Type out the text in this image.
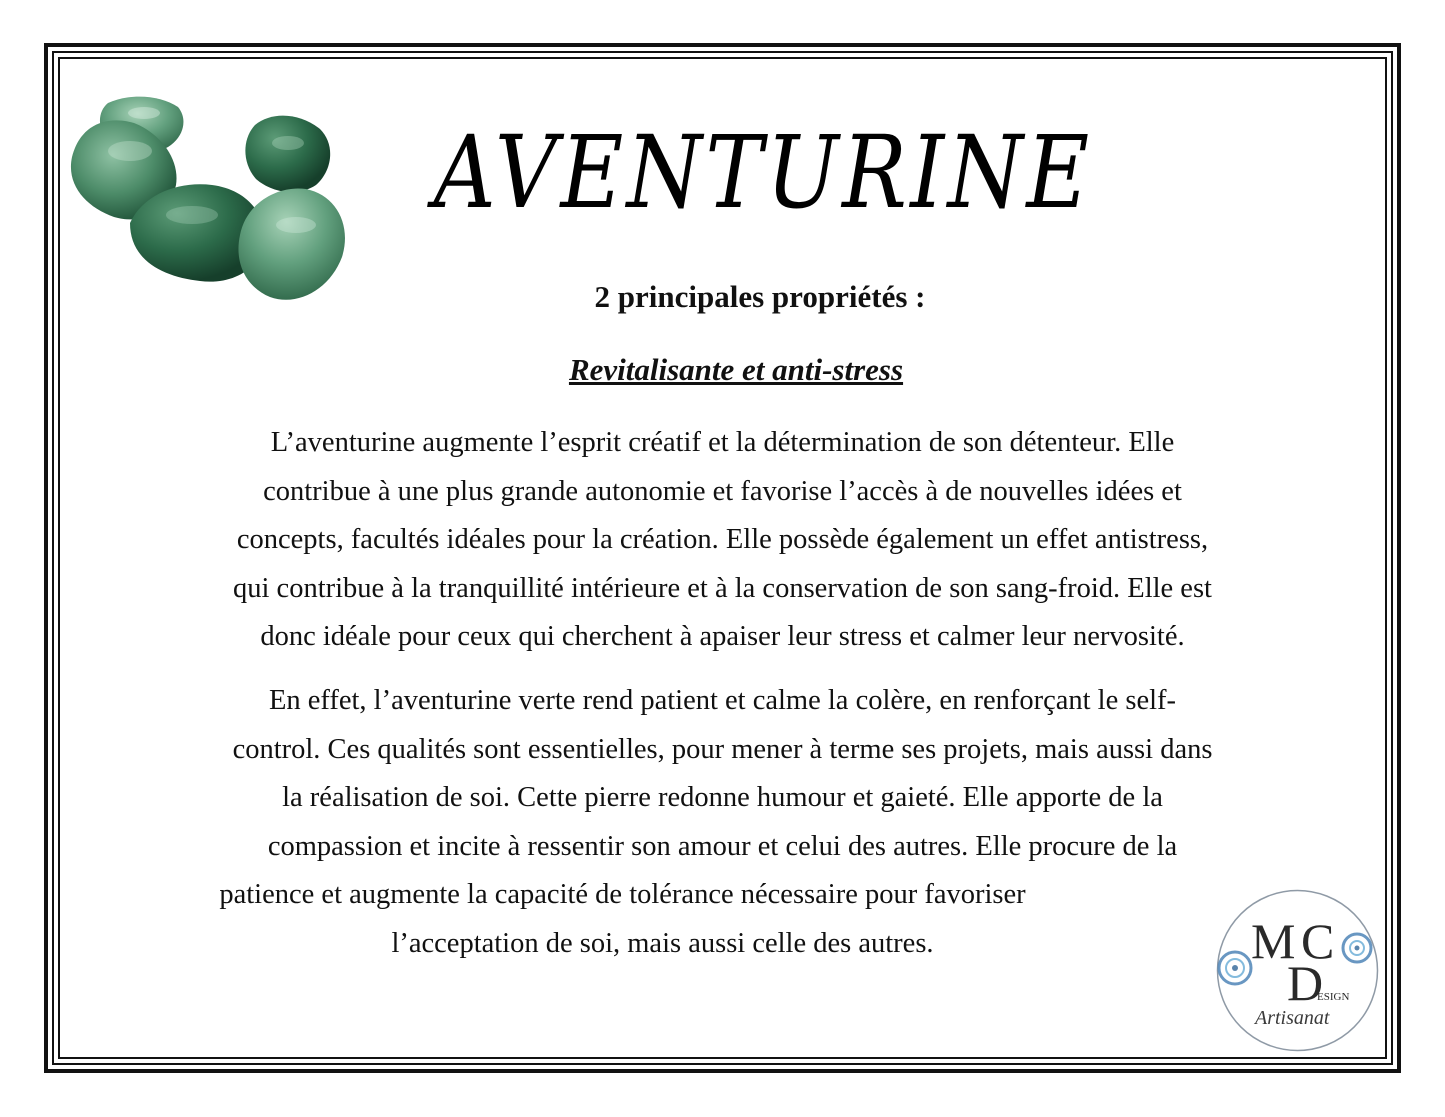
AVENTURINE
2 principales propriétés :
Revitalisante et anti-stress
L’aventurine augmente l’esprit créatif et la détermination de son détenteur. Elle
contribue à une plus grande autonomie et favorise l’accès à de nouvelles idées et
concepts, facultés idéales pour la création. Elle possède également un effet antistress,
qui contribue à la tranquillité intérieure et à la conservation de son sang-froid. Elle est
donc idéale pour ceux qui cherchent à apaiser leur stress et calmer leur nervosité.
En effet, l’aventurine verte rend patient et calme la colère, en renforçant le self-
control. Ces qualités sont essentielles, pour mener à terme ses projets, mais aussi dans
la réalisation de soi. Cette pierre redonne humour et gaieté. Elle apporte de la
compassion et incite à ressentir son amour et celui des autres. Elle procure de la
patience et augmente la capacité de tolérance nécessaire pour favoriser
l’acceptation de soi, mais aussi celle des autres.	M C
D
ESIGN
Artisanat
